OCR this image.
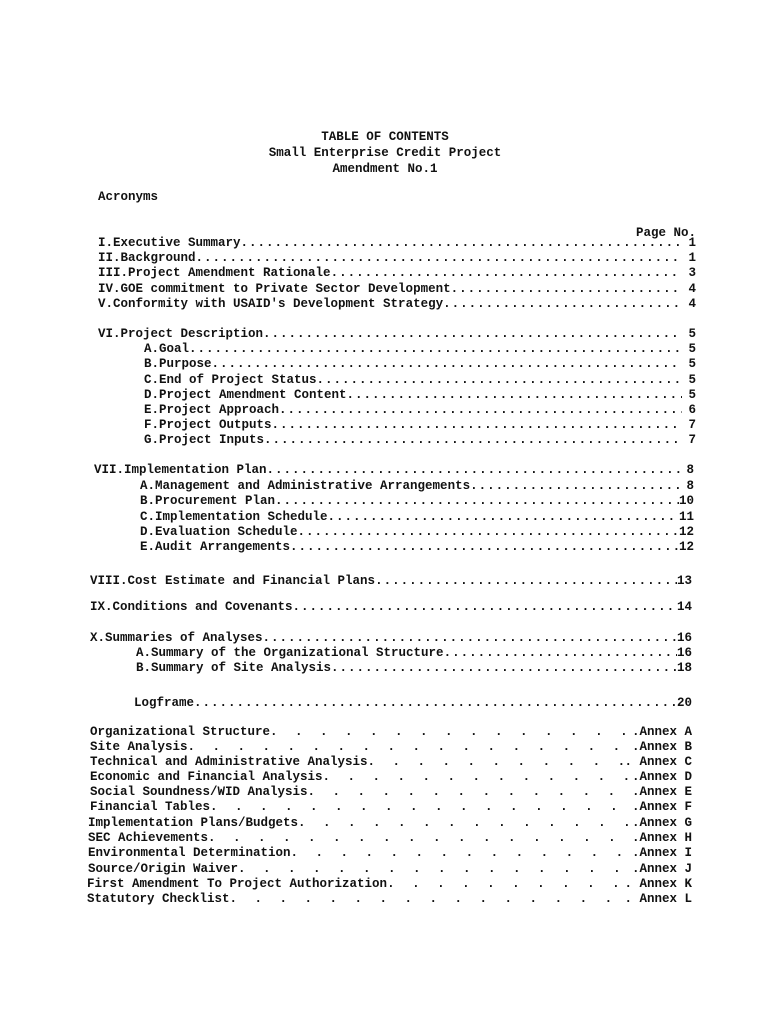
TABLE OF CONTENTS
Small Enterprise Credit Project
Amendment No.1
Acronyms
Page No.
I. Executive Summary .....	1
II. Background .....	1
III. Project Amendment Rationale .....	3
IV. GOE commitment to Private Sector Development .....	4
V. Conformity with USAID's Development Strategy .....	4
VI. Project Description .....	5
A. Goal .....	5
B. Purpose .....	5
C. End of Project Status .....	5
D. Project Amendment Content .....	5
E. Project Approach .....	6
F. Project Outputs .....	7
G. Project Inputs .....	7
VII. Implementation Plan .....	8
A. Management and Administrative Arrangements .....	8
B. Procurement Plan .....	10
C. Implementation Schedule .....	11
D. Evaluation Schedule .....	12
E. Audit Arrangements .....	12
VIII. Cost Estimate and Financial Plans .....	13
IX. Conditions and Covenants .....	14
X. Summaries of Analyses .....	16
A. Summary of the Organizational Structure .....	16
B. Summary of Site Analysis .....	18
Logframe .....	20
Organizational Structure . . .	.Annex A
Site Analysis . . .	.Annex B
Technical and Administrative Analysis . . .	. Annex C
Economic and Financial Analysis . . .	.Annex D
Social Soundness/WID Analysis . . .	.Annex E
Financial Tables . . .	.Annex F
Implementation Plans/Budgets . . .	.Annex G
SEC Achievements . . .	.Annex H
Environmental Determination . . .	.Annex I
Source/Origin Waiver . . .	.Annex J
First Amendment To Project Authorization . . .	. Annex K
Statutory Checklist . . .	. Annex L
